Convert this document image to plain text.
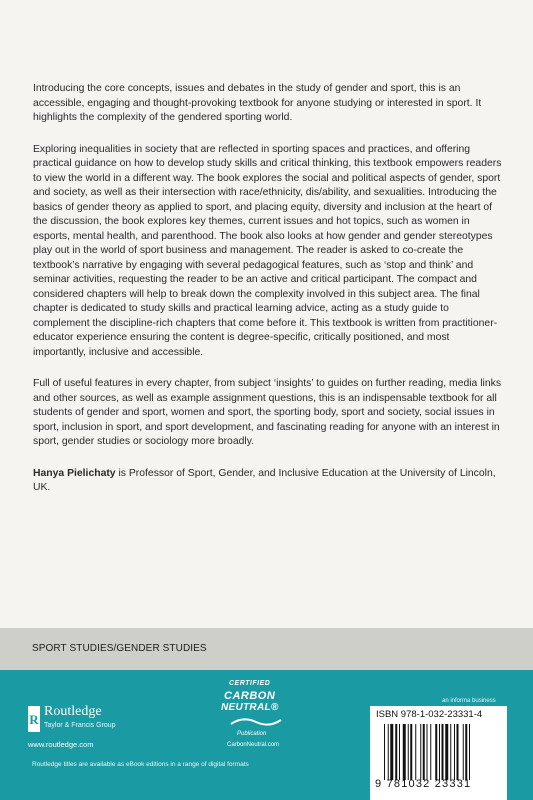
Introducing the core concepts, issues and debates in the study of gender and sport, this is an accessible, engaging and thought-provoking textbook for anyone studying or interested in sport. It highlights the complexity of the gendered sporting world.

Exploring inequalities in society that are reflected in sporting spaces and practices, and offering practical guidance on how to develop study skills and critical thinking, this textbook empowers readers to view the world in a different way. The book explores the social and political aspects of gender, sport and society, as well as their intersection with race/ethnicity, dis/ability, and sexualities. Introducing the basics of gender theory as applied to sport, and placing equity, diversity and inclusion at the heart of the discussion, the book explores key themes, current issues and hot topics, such as women in esports, mental health, and parenthood. The book also looks at how gender and gender stereotypes play out in the world of sport business and management. The reader is asked to co-create the textbook’s narrative by engaging with several pedagogical features, such as ‘stop and think’ and seminar activities, requesting the reader to be an active and critical participant. The compact and considered chapters will help to break down the complexity involved in this subject area. The final chapter is dedicated to study skills and practical learning advice, acting as a study guide to complement the discipline-rich chapters that come before it. This textbook is written from practitioner-educator experience ensuring the content is degree-specific, critically positioned, and most importantly, inclusive and accessible.

Full of useful features in every chapter, from subject ‘insights’ to guides on further reading, media links and other sources, as well as example assignment questions, this is an indispensable textbook for all students of gender and sport, women and sport, the sporting body, sport and society, social issues in sport, inclusion in sport, and sport development, and fascinating reading for anyone with an interest in sport, gender studies or sociology more broadly.

Hanya Pielichaty is Professor of Sport, Gender, and Inclusive Education at the University of Lincoln, UK.

SPORT STUDIES/GENDER STUDIES
R
Routledge
Taylor & Francis Group
www.routledge.com
Routledge titles are available as eBook editions in a range of digital formats
CERTIFIED
CARBON
NEUTRAL®
Publication
CarbonNeutral.com
an informa business
ISBN 978-1-032-23331-4
9 781032 23331
